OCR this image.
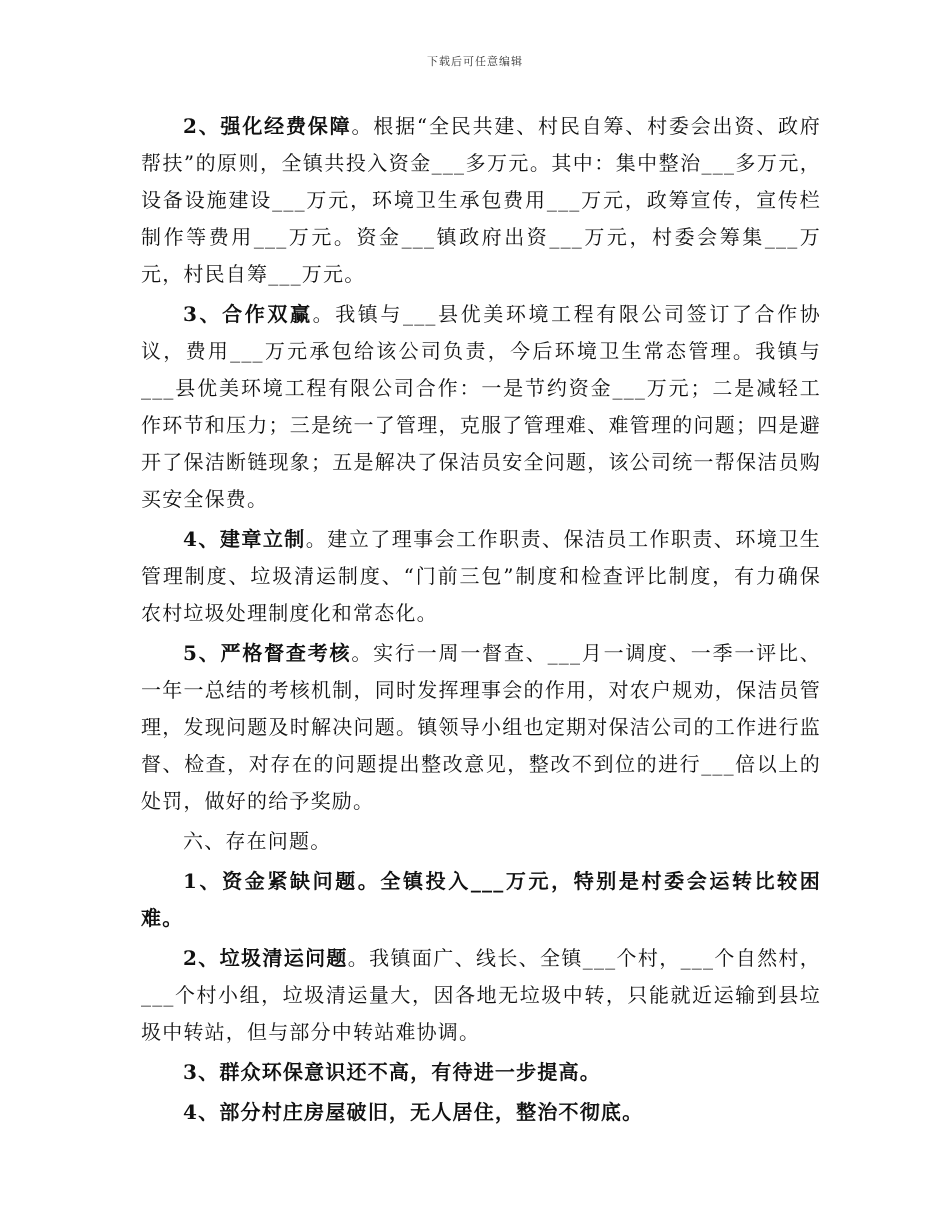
下载后可任意编辑

2、强化经费保障。根据“全民共建、村民自筹、村委会出资、政府帮扶”的原则，全镇共投入资金___多万元。其中：集中整治___多万元，设备设施建设___万元，环境卫生承包费用___万元，政筹宣传，宣传栏制作等费用___万元。资金___镇政府出资___万元，村委会筹集___万元，村民自筹___万元。

3、合作双赢。我镇与___县优美环境工程有限公司签订了合作协议，费用___万元承包给该公司负责，今后环境卫生常态管理。我镇与___县优美环境工程有限公司合作：一是节约资金___万元；二是减轻工作环节和压力；三是统一了管理，克服了管理难、难管理的问题；四是避开了保洁断链现象；五是解决了保洁员安全问题，该公司统一帮保洁员购买安全保费。

4、建章立制。建立了理事会工作职责、保洁员工作职责、环境卫生管理制度、垃圾清运制度、“门前三包”制度和检查评比制度，有力确保农村垃圾处理制度化和常态化。

5、严格督查考核。实行一周一督查、___月一调度、一季一评比、一年一总结的考核机制，同时发挥理事会的作用，对农户规劝，保洁员管理，发现问题及时解决问题。镇领导小组也定期对保洁公司的工作进行监督、检查，对存在的问题提出整改意见，整改不到位的进行___倍以上的处罚，做好的给予奖励。

六、存在问题。

1、资金紧缺问题。全镇投入___万元，特别是村委会运转比较困难。

2、垃圾清运问题。我镇面广、线长、全镇___个村，___个自然村，___个村小组，垃圾清运量大，因各地无垃圾中转，只能就近运输到县垃圾中转站，但与部分中转站难协调。

3、群众环保意识还不高，有待进一步提高。

4、部分村庄房屋破旧，无人居住，整治不彻底。
